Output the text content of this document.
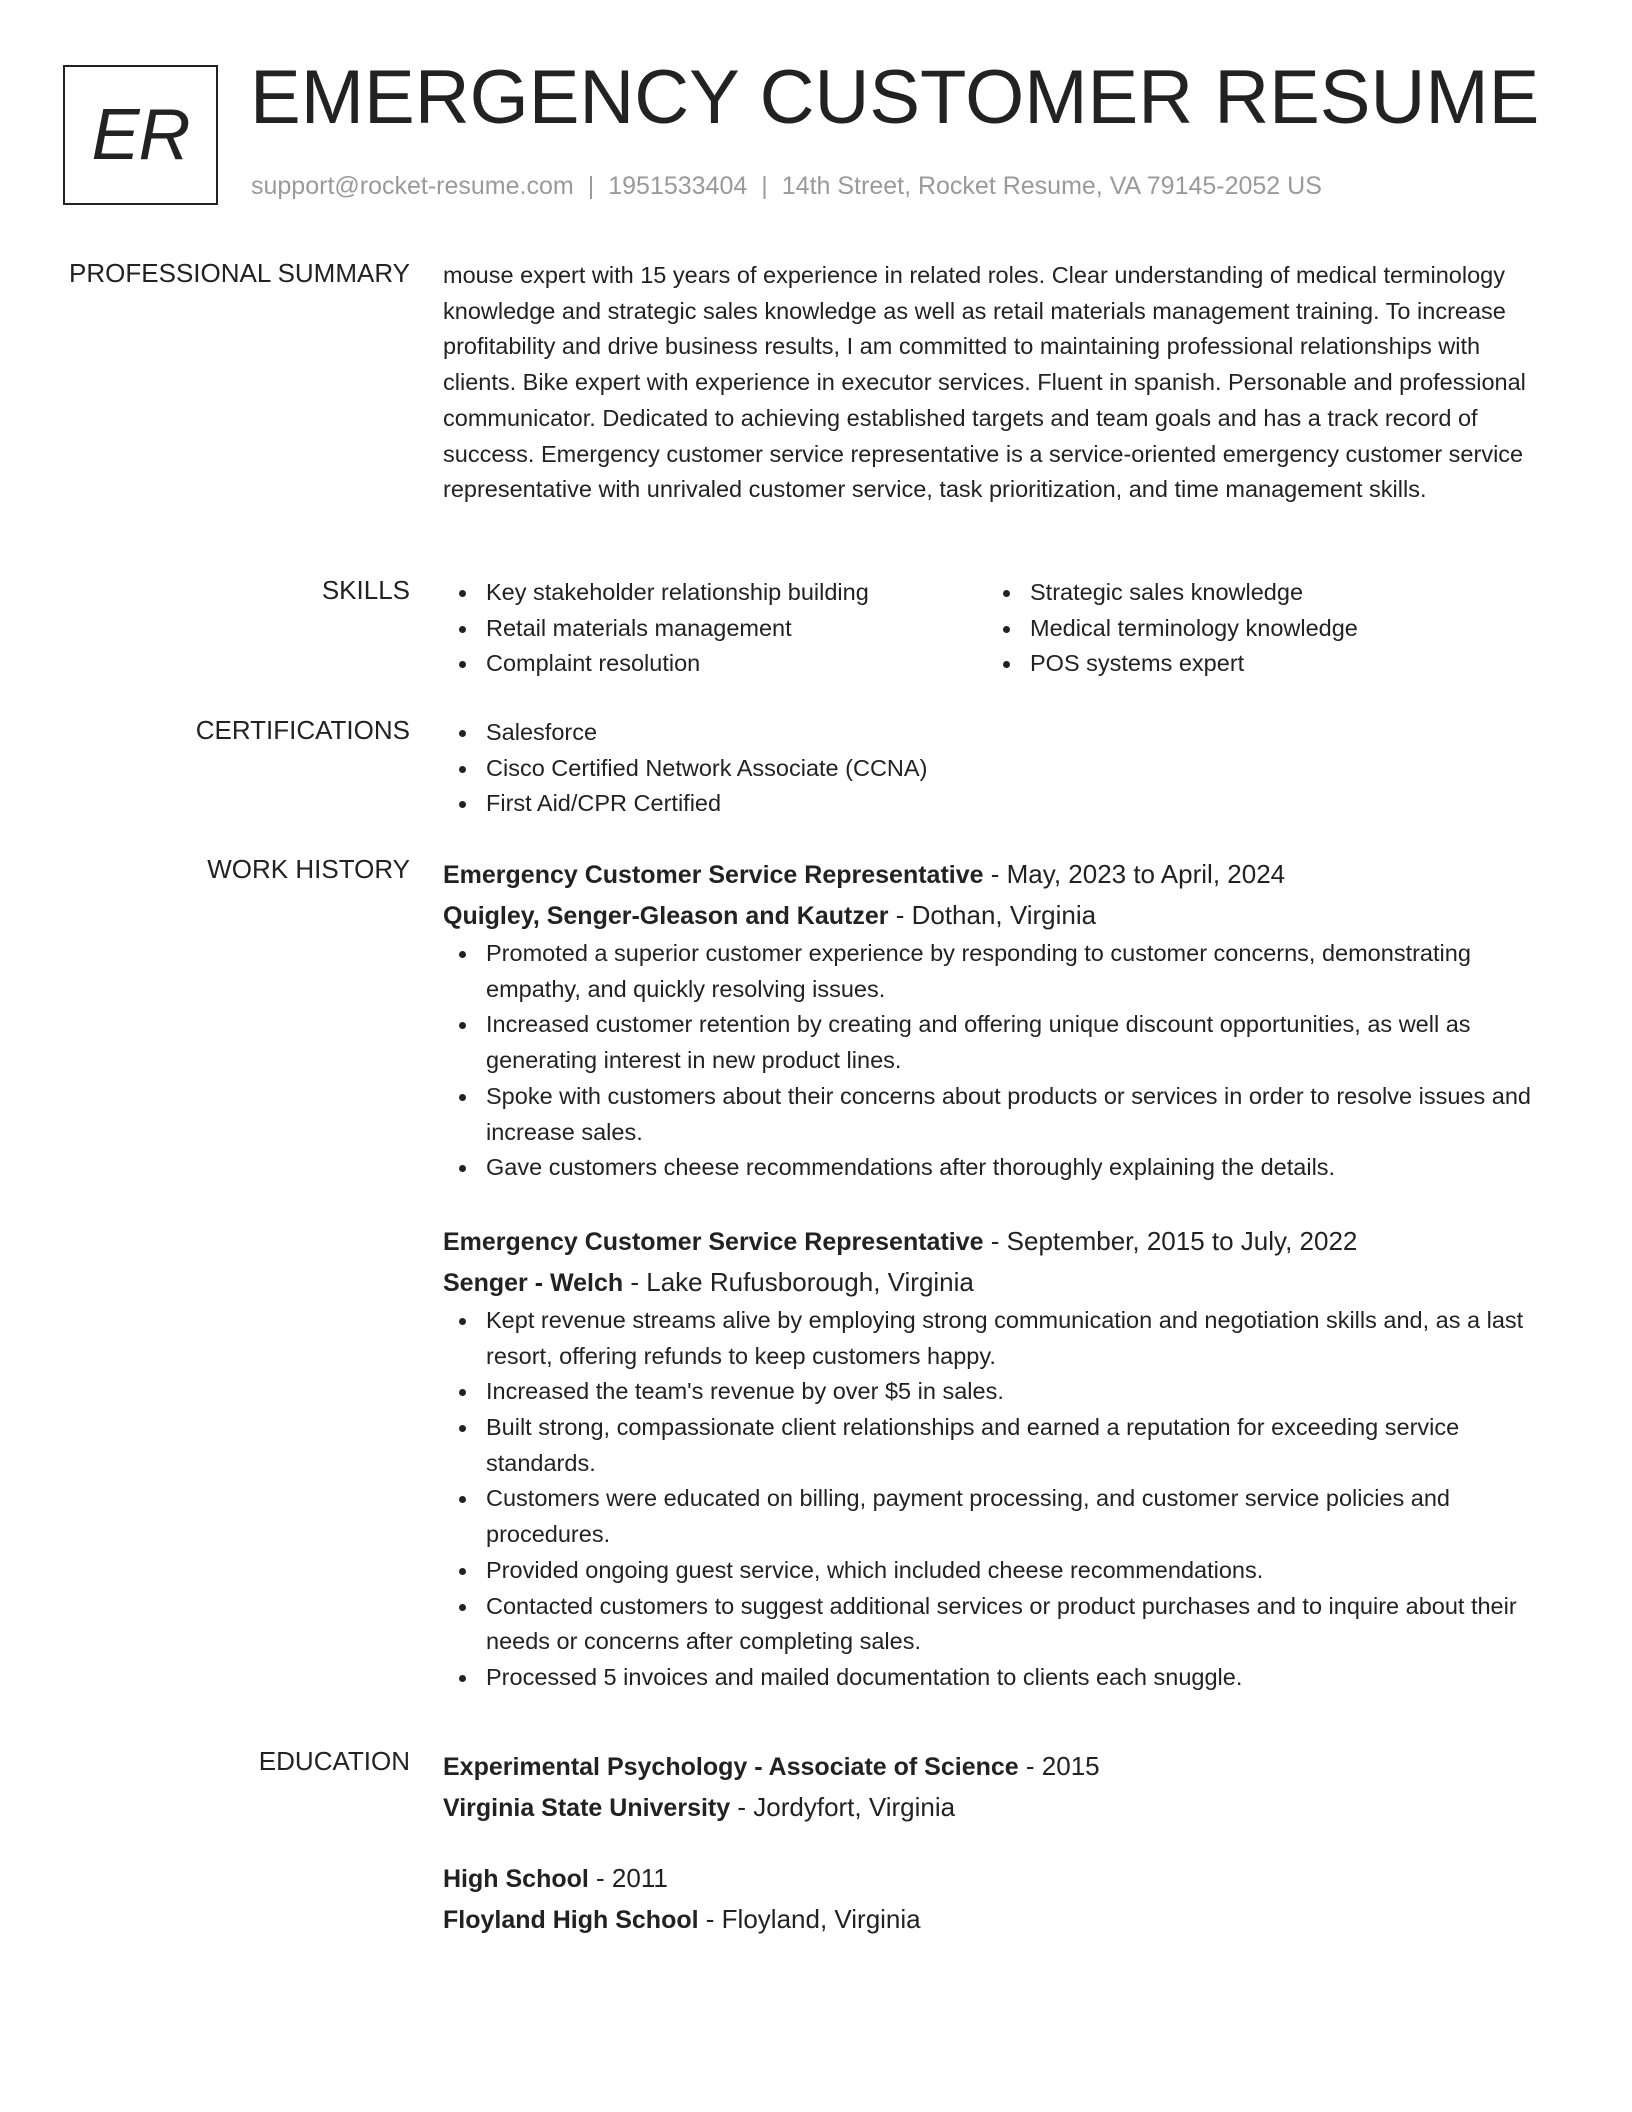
ER EMERGENCY CUSTOMER RESUME
support@rocket-resume.com | 1951533404 | 14th Street, Rocket Resume, VA 79145-2052 US
PROFESSIONAL SUMMARY mouse expert with 15 years of experience in related roles. Clear understanding of medical terminology knowledge and strategic sales knowledge as well as retail materials management training. To increase profitability and drive business results, I am committed to maintaining professional relationships with clients. Bike expert with experience in executor services. Fluent in spanish. Personable and professional communicator. Dedicated to achieving established targets and team goals and has a track record of success. Emergency customer service representative is a service-oriented emergency customer service representative with unrivaled customer service, task prioritization, and time management skills.

SKILLS	Key stakeholder relationship building
Retail materials management
Complaint resolution
Strategic sales knowledge
Medical terminology knowledge
POS systems expert
CERTIFICATIONS	Salesforce
Cisco Certified Network Associate (CCNA)
First Aid/CPR Certified
WORK HISTORY Emergency Customer Service Representative - May, 2023 to April, 2024
Quigley, Senger-Gleason and Kautzer - Dothan, Virginia
Promoted a superior customer experience by responding to customer concerns, demonstrating empathy, and quickly resolving issues.
Increased customer retention by creating and offering unique discount opportunities, as well as generating interest in new product lines.
Spoke with customers about their concerns about products or services in order to resolve issues and increase sales.
Gave customers cheese recommendations after thoroughly explaining the details.
Emergency Customer Service Representative - September, 2015 to July, 2022
Senger - Welch - Lake Rufusborough, Virginia
Kept revenue streams alive by employing strong communication and negotiation skills and, as a last resort, offering refunds to keep customers happy.
Increased the team's revenue by over $5 in sales.
Built strong, compassionate client relationships and earned a reputation for exceeding service standards.
Customers were educated on billing, payment processing, and customer service policies and procedures.
Provided ongoing guest service, which included cheese recommendations.
Contacted customers to suggest additional services or product purchases and to inquire about their needs or concerns after completing sales.
Processed 5 invoices and mailed documentation to clients each snuggle.
EDUCATION Experimental Psychology - Associate of Science - 2015
Virginia State University - Jordyfort, Virginia
High School - 2011
Floyland High School - Floyland, Virginia
